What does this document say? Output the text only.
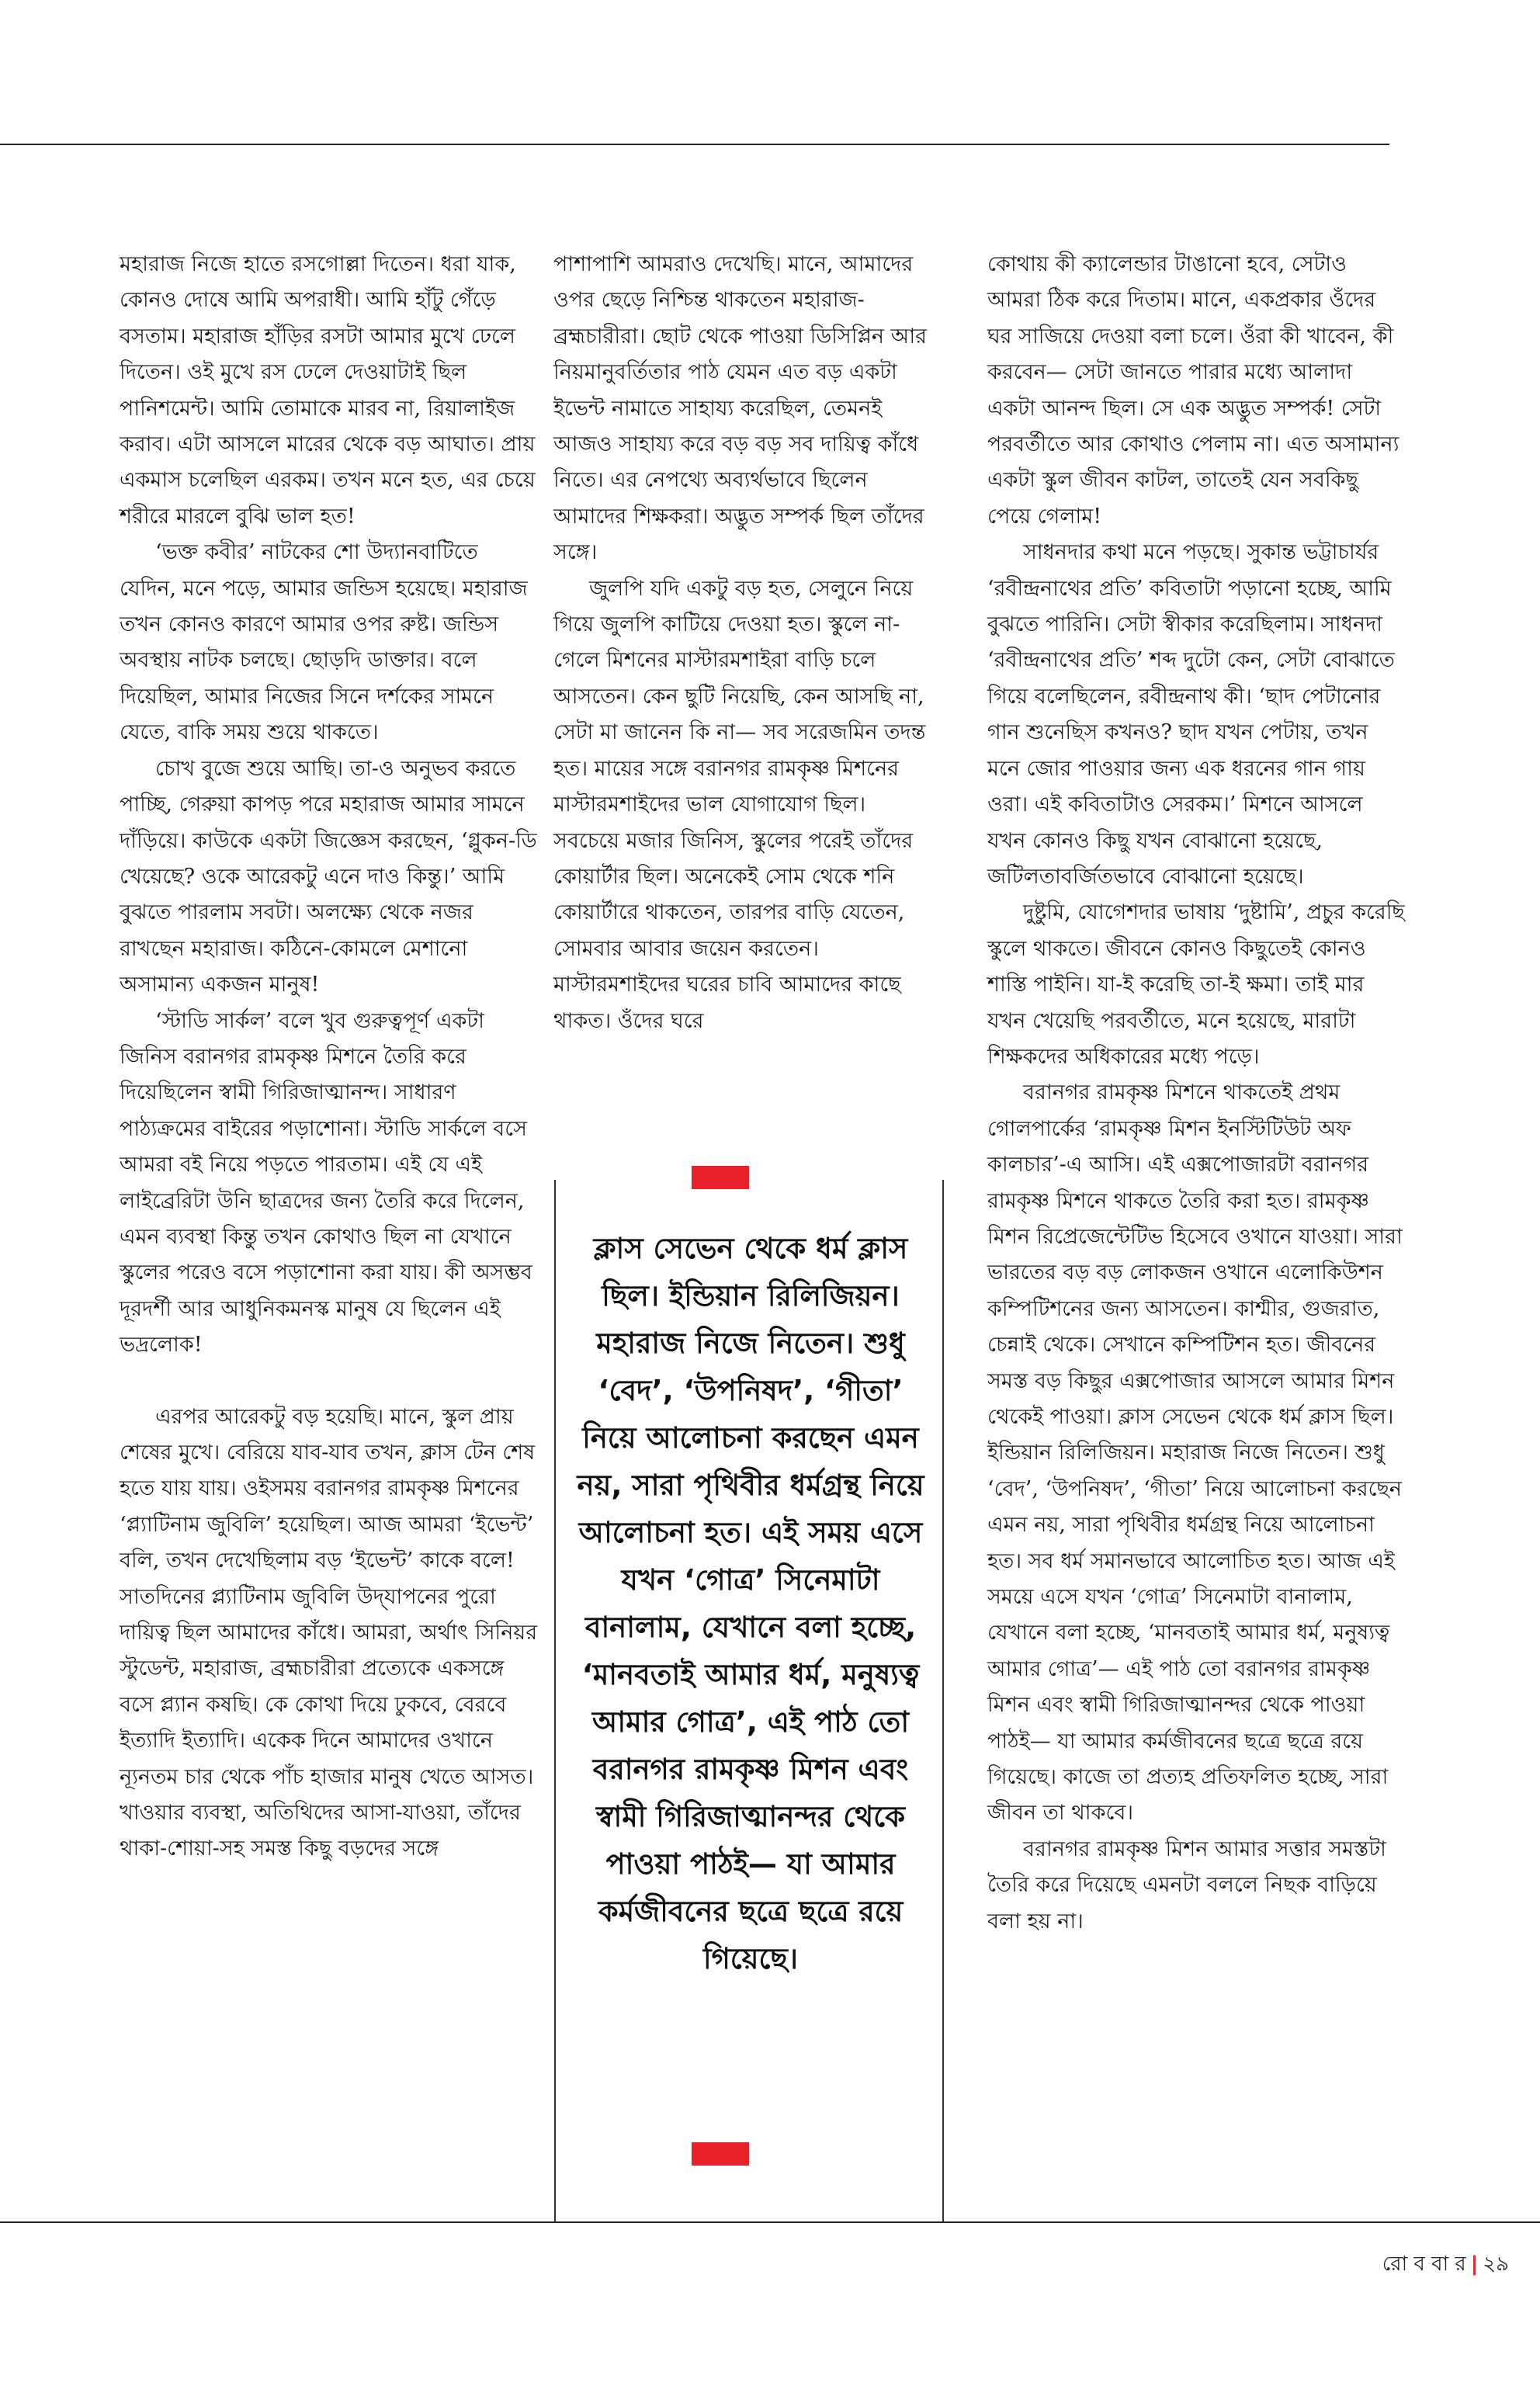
মহারাজ নিজে হাতে রসগোল্লা দিতেন। ধরা যাক, কোনও দোষে আমি অপরাধী। আমি হাঁটু গেঁড়ে বসতাম। মহারাজ হাঁড়ির রসটা আমার মুখে ঢেলে দিতেন। ওই মুখে রস ঢেলে দেওয়াটাই ছিল পানিশমেন্ট। আমি তোমাকে মারব না, রিয়ালাইজ করাব। এটা আসলে মারের থেকে বড় আঘাত। প্রায় একমাস চলেছিল এরকম। তখন মনে হত, এর চেয়ে শরীরে মারলে বুঝি ভাল হত!

‘ভক্ত কবীর’ নাটকের শো উদ্যানবাটিতে যেদিন, মনে পড়ে, আমার জন্ডিস হয়েছে। মহারাজ তখন কোনও কারণে আমার ওপর রুষ্ট। জন্ডিস অবস্থায় নাটক চলছে। ছোড়দি ডাক্তার। বলে দিয়েছিল, আমার নিজের সিনে দর্শকের সামনে যেতে, বাকি সময় শুয়ে থাকতে।

চোখ বুজে শুয়ে আছি। তা-ও অনুভব করতে পাচ্ছি, গেরুয়া কাপড় পরে মহারাজ আমার সামনে দাঁড়িয়ে। কাউকে একটা জিজ্ঞেস করছেন, ‘গ্লুকন-ডি খেয়েছে? ওকে আরেকটু এনে দাও কিন্তু।’ আমি বুঝতে পারলাম সবটা। অলক্ষ্যে থেকে নজর রাখছেন মহারাজ। কঠিনে-কোমলে মেশানো অসামান্য একজন মানুষ!

‘স্টাডি সার্কল’ বলে খুব গুরুত্বপূর্ণ একটা জিনিস বরানগর রামকৃষ্ণ মিশনে তৈরি করে দিয়েছিলেন স্বামী গিরিজাত্মানন্দ। সাধারণ পাঠ্যক্রমের বাইরের পড়াশোনা। স্টাডি সার্কলে বসে আমরা বই নিয়ে পড়তে পারতাম। এই যে এই লাইব্রেরিটা উনি ছাত্রদের জন্য তৈরি করে দিলেন, এমন ব্যবস্থা কিন্তু তখন কোথাও ছিল না যেখানে স্কুলের পরেও বসে পড়াশোনা করা যায়। কী অসম্ভব দূরদর্শী আর আধুনিকমনস্ক মানুষ যে ছিলেন এই ভদ্রলোক!

এরপর আরেকটু বড় হয়েছি। মানে, স্কুল প্রায় শেষের মুখে। বেরিয়ে যাব-যাব তখন, ক্লাস টেন শেষ হতে যায় যায়। ওইসময় বরানগর রামকৃষ্ণ মিশনের ‘প্ল্যাটিনাম জুবিলি’ হয়েছিল। আজ আমরা ‘ইভেন্ট’ বলি, তখন দেখেছিলাম বড় ‘ইভেন্ট’ কাকে বলে! সাতদিনের প্ল্যাটিনাম জুবিলি উদ্‌যাপনের পুরো দায়িত্ব ছিল আমাদের কাঁধে। আমরা, অর্থাৎ সিনিয়র স্টুডেন্ট, মহারাজ, ব্রহ্মচারীরা প্রত্যেকে একসঙ্গে বসে প্ল্যান কষছি। কে কোথা দিয়ে ঢুকবে, বেরবে ইত্যাদি ইত্যাদি। একেক দিনে আমাদের ওখানে ন্যূনতম চার থেকে পাঁচ হাজার মানুষ খেতে আসত। খাওয়ার ব্যবস্থা, অতিথিদের আসা-যাওয়া, তাঁদের থাকা-শোয়া-সহ সমস্ত কিছু বড়দের সঙ্গে

পাশাপাশি আমরাও দেখেছি। মানে, আমাদের ওপর ছেড়ে নিশ্চিন্ত থাকতেন মহারাজ-ব্রহ্মচারীরা। ছোট থেকে পাওয়া ডিসিপ্লিন আর নিয়মানুবর্তিতার পাঠ যেমন এত বড় একটা ইভেন্ট নামাতে সাহায্য করেছিল, তেমনই আজও সাহায্য করে বড় বড় সব দায়িত্ব কাঁধে নিতে। এর নেপথ্যে অব্যর্থভাবে ছিলেন আমাদের শিক্ষকরা। অদ্ভুত সম্পর্ক ছিল তাঁদের সঙ্গে।

জুলপি যদি একটু বড় হত, সেলুনে নিয়ে গিয়ে জুলপি কাটিয়ে দেওয়া হত। স্কুলে না-গেলে মিশনের মাস্টারমশাইরা বাড়ি চলে আসতেন। কেন ছুটি নিয়েছি, কেন আসছি না, সেটা মা জানেন কি না— সব সরেজমিন তদন্ত হত। মায়ের সঙ্গে বরানগর রামকৃষ্ণ মিশনের মাস্টারমশাইদের ভাল যোগাযোগ ছিল। সবচেয়ে মজার জিনিস, স্কুলের পরেই তাঁদের কোয়ার্টার ছিল। অনেকেই সোম থেকে শনি কোয়ার্টারে থাকতেন, তারপর বাড়ি যেতেন, সোমবার আবার জয়েন করতেন। মাস্টারমশাইদের ঘরের চাবি আমাদের কাছে থাকত। ওঁদের ঘরে

ক্লাস সেভেন থেকে ধর্ম ক্লাস ছিল। ইন্ডিয়ান রিলিজিয়ন। মহারাজ নিজে নিতেন। শুধু ‘বেদ’, ‘উপনিষদ’, ‘গীতা’ নিয়ে আলোচনা করছেন এমন নয়, সারা পৃথিবীর ধর্মগ্রন্থ নিয়ে আলোচনা হত। এই সময় এসে যখন ‘গোত্র’ সিনেমাটা বানালাম, যেখানে বলা হচ্ছে, ‘মানবতাই আমার ধর্ম, মনুষ্যত্ব আমার গোত্র’, এই পাঠ তো বরানগর রামকৃষ্ণ মিশন এবং স্বামী গিরিজাত্মানন্দর থেকে পাওয়া পাঠই— যা আমার কর্মজীবনের ছত্রে ছত্রে রয়ে গিয়েছে।

কোথায় কী ক্যালেন্ডার টাঙানো হবে, সেটাও আমরা ঠিক করে দিতাম। মানে, একপ্রকার ওঁদের ঘর সাজিয়ে দেওয়া বলা চলে। ওঁরা কী খাবেন, কী করবেন— সেটা জানতে পারার মধ্যে আলাদা একটা আনন্দ ছিল। সে এক অদ্ভুত সম্পর্ক! সেটা পরবর্তীতে আর কোথাও পেলাম না। এত অসামান্য একটা স্কুল জীবন কাটল, তাতেই যেন সবকিছু পেয়ে গেলাম!

সাধনদার কথা মনে পড়ছে। সুকান্ত ভট্টাচার্যর ‘রবীন্দ্রনাথের প্রতি’ কবিতাটা পড়ানো হচ্ছে, আমি বুঝতে পারিনি। সেটা স্বীকার করেছিলাম। সাধনদা ‘রবীন্দ্রনাথের প্রতি’ শব্দ দুটো কেন, সেটা বোঝাতে গিয়ে বলেছিলেন, রবীন্দ্রনাথ কী। ‘ছাদ পেটানোর গান শুনেছিস কখনও? ছাদ যখন পেটায়, তখন মনে জোর পাওয়ার জন্য এক ধরনের গান গায় ওরা। এই কবিতাটাও সেরকম।’ মিশনে আসলে যখন কোনও কিছু যখন বোঝানো হয়েছে, জটিলতাবর্জিতভাবে বোঝানো হয়েছে।

দুষ্টুমি, যোগেশদার ভাষায় ‘দুষ্টামি’, প্রচুর করেছি স্কুলে থাকতে। জীবনে কোনও কিছুতেই কোনও শাস্তি পাইনি। যা-ই করেছি তা-ই ক্ষমা। তাই মার যখন খেয়েছি পরবর্তীতে, মনে হয়েছে, মারাটা শিক্ষকদের অধিকারের মধ্যে পড়ে।

বরানগর রামকৃষ্ণ মিশনে থাকতেই প্রথম গোলপার্কের ‘রামকৃষ্ণ মিশন ইনস্টিটিউট অফ কালচার’-এ আসি। এই এক্সপোজারটা বরানগর রামকৃষ্ণ মিশনে থাকতে তৈরি করা হত। রামকৃষ্ণ মিশন রিপ্রেজেন্টেটিভ হিসেবে ওখানে যাওয়া। সারা ভারতের বড় বড় লোকজন ওখানে এলোকিউশন কম্পিটিশনের জন্য আসতেন। কাশ্মীর, গুজরাত, চেন্নাই থেকে। সেখানে কম্পিটিশন হত। জীবনের সমস্ত বড় কিছুর এক্সপোজার আসলে আমার মিশন থেকেই পাওয়া। ক্লাস সেভেন থেকে ধর্ম ক্লাস ছিল। ইন্ডিয়ান রিলিজিয়ন। মহারাজ নিজে নিতেন। শুধু ‘বেদ’, ‘উপনিষদ’, ‘গীতা’ নিয়ে আলোচনা করছেন এমন নয়, সারা পৃথিবীর ধর্মগ্রন্থ নিয়ে আলোচনা হত। সব ধর্ম সমানভাবে আলোচিত হত। আজ এই সময়ে এসে যখন ‘গোত্র’ সিনেমাটা বানালাম, যেখানে বলা হচ্ছে, ‘মানবতাই আমার ধর্ম, মনুষ্যত্ব আমার গোত্র’— এই পাঠ তো বরানগর রামকৃষ্ণ মিশন এবং স্বামী গিরিজাত্মানন্দর থেকে পাওয়া পাঠই— যা আমার কর্মজীবনের ছত্রে ছত্রে রয়ে গিয়েছে। কাজে তা প্রত্যহ প্রতিফলিত হচ্ছে, সারা জীবন তা থাকবে।

বরানগর রামকৃষ্ণ মিশন আমার সত্তার সমস্তটা তৈরি করে দিয়েছে এমনটা বললে নিছক বাড়িয়ে বলা হয় না।

রো ব বা র | ২৯
